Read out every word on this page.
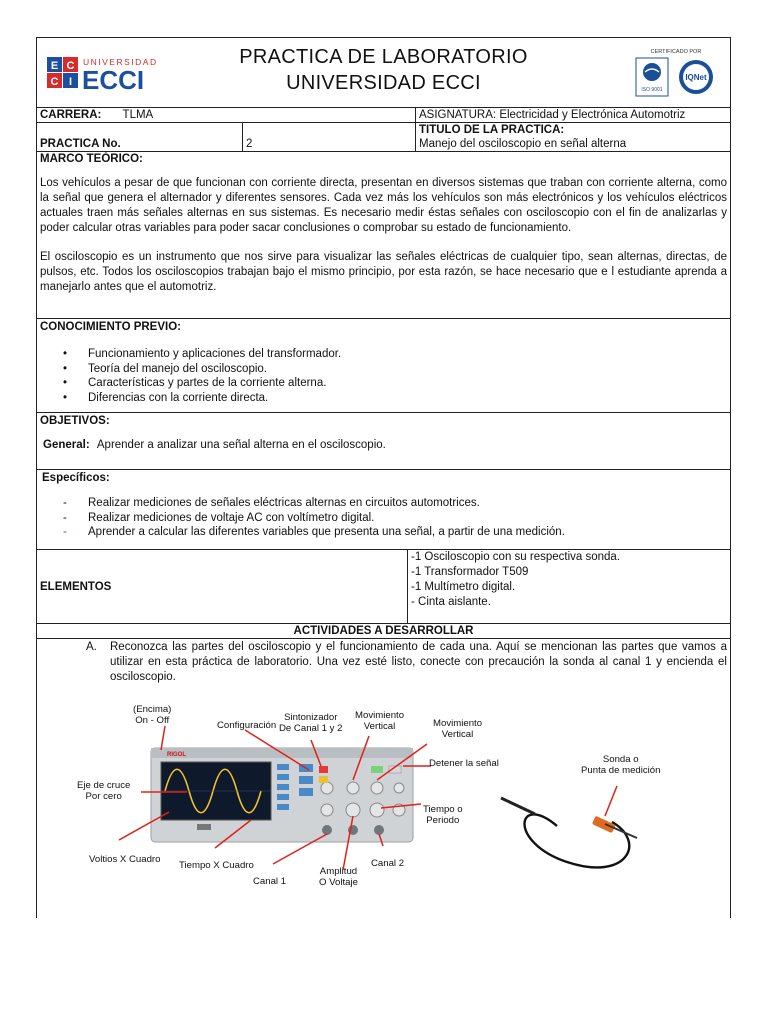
E C
C I
UNIVERSIDAD
ECCI
PRACTICA DE LABORATORIO
UNIVERSIDAD ECCI
CERTIFICADO POR
ISO 9001
IQNet
CARRERA: TLMA		ASIGNATURA: Electricidad y Electrónica Automotriz
PRACTICA No.	2	TITULO DE LA PRACTICA:
Manejo del osciloscopio en señal alterna
MARCO TEÓRICO:

Los vehículos a pesar de que funcionan con corriente directa, presentan en diversos sistemas que traban con corriente alterna, como la señal que genera el alternador y diferentes sensores. Cada vez más los vehículos son más electrónicos y los vehículos eléctricos actuales traen más señales alternas en sus sistemas. Es necesario medir éstas señales con osciloscopio con el fin de analizarlas y poder calcular otras variables para poder sacar conclusiones o comprobar su estado de funcionamiento.

El osciloscopio es un instrumento que nos sirve para visualizar las señales eléctricas de cualquier tipo, sean alternas, directas, de pulsos, etc. Todos los osciloscopios trabajan bajo el mismo principio, por esta razón, se hace necesario que e l estudiante aprenda a manejarlo antes que el automotriz.

CONOCIMIENTO PREVIO:
• Funcionamiento y aplicaciones del transformador.
• Teoría del manejo del osciloscopio.
• Características y partes de la corriente alterna.
• Diferencias con la corriente directa.
OBJETIVOS:
General: Aprender a analizar una señal alterna en el osciloscopio.
Específicos:
- Realizar mediciones de señales eléctricas alternas en circuitos automotrices.
- Realizar mediciones de voltaje AC con voltímetro digital.
- Aprender a calcular las diferentes variables que presenta una señal, a partir de una medición.
ELEMENTOS	
-1 Osciloscopio con su respectiva sonda.
-1 Transformador T509
-1 Multímetro digital.
- Cinta aislante.
ACTIVIDADES A DESARROLLAR
A.	Reconozca las partes del osciloscopio y el funcionamiento de cada una. Aquí se mencionan las partes que vamos a utilizar en esta práctica de laboratorio. Una vez esté listo, conecte con precaución la sonda al canal 1 y encienda el osciloscopio.

RIGOL
(Encima)
On - Off	Configuración
Sintonizador
De Canal 1 y 2
Movimiento
Vertical	Movimiento
Vertical
Detener la señal
Eje de cruce
Por cero
Tiempo o
Periodo
Voltios X Cuadro
Tiempo X Cuadro
Canal 1
Amplitud
O Voltaje
Canal 2
Sonda o
Punta de medición
